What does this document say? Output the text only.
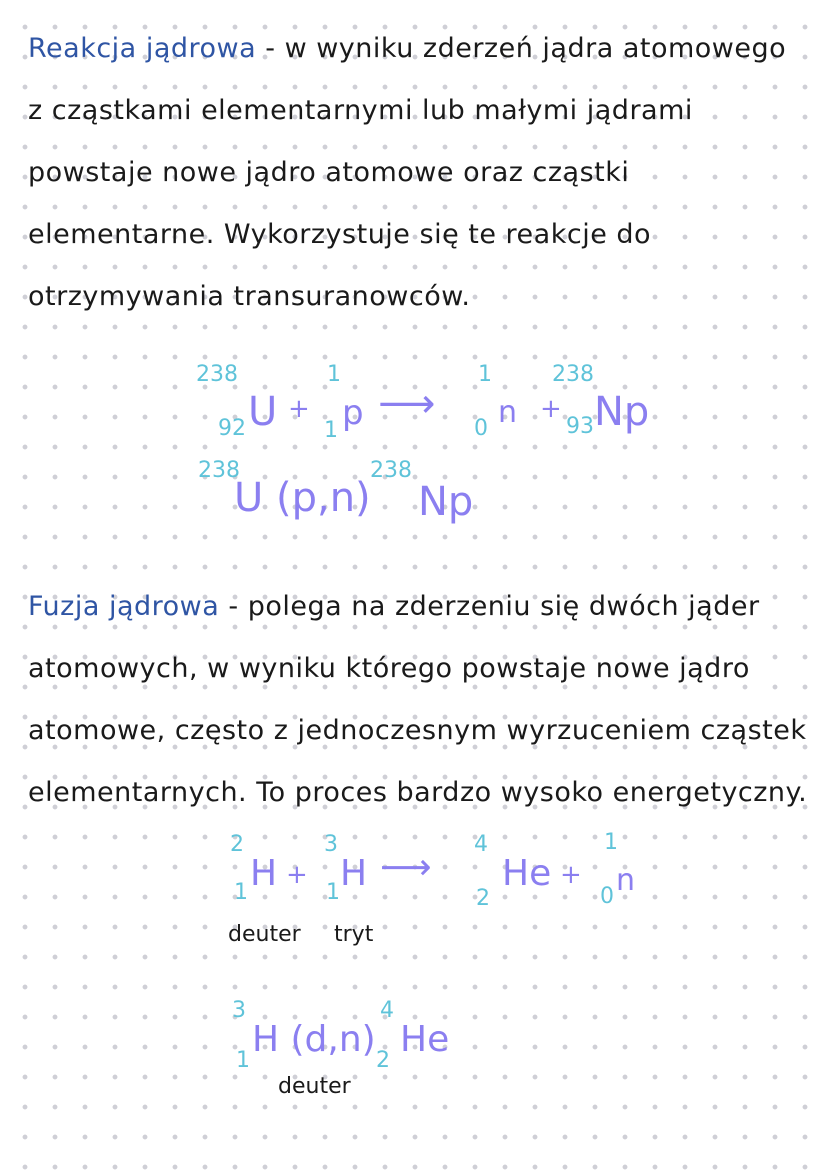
Reakcja jądrowa - w wyniku zderzeń jądra atomowego
z cząstkami elementarnymi lub małymi jądrami
powstaje nowe jądro atomowe oraz cząstki
elementarne. Wykorzystuje się te reakcje do
otrzymywania transuranowców.
238
92 U +
1
1 p ⟶
1
0 n +
238
93 Np
238
U (p,n)
238
Np
Fuzja jądrowa - polega na zderzeniu się dwóch jąder
atomowych, w wyniku którego powstaje nowe jądro
atomowe, często z jednoczesnym wyrzuceniem cząstek
elementarnych. To proces bardzo wysoko energetyczny.
2
1 H +
3
1 H ⟶
4
2
He +
1
0 n
deuter tryt
3
1
H (d,n)
4
2
He
deuter
